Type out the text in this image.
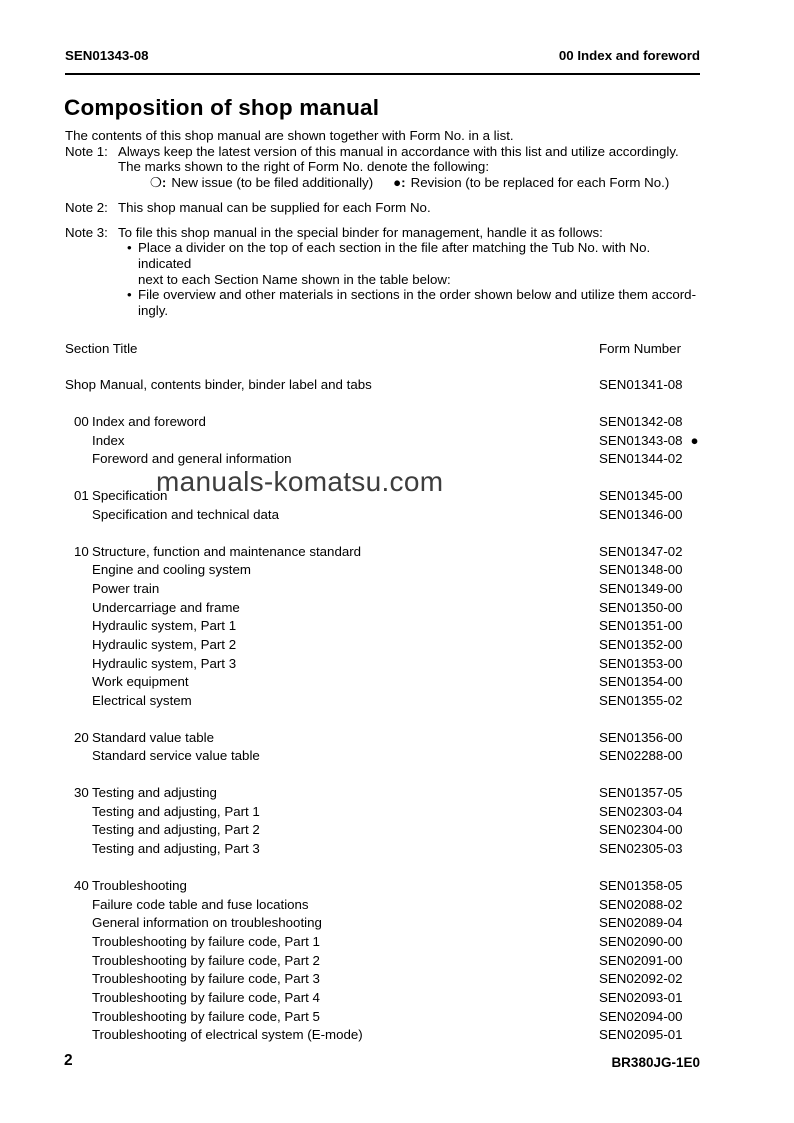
SEN01343-08	00 Index and foreword
Composition of shop manual
The contents of this shop manual are shown together with Form No. in a list.
Note 1: Always keep the latest version of this manual in accordance with this list and utilize accordingly.
The marks shown to the right of Form No. denote the following:
❍: New issue (to be filed additionally) ●: Revision (to be replaced for each Form No.)
Note 2: This shop manual can be supplied for each Form No.
Note 3: To file this shop manual in the special binder for management, handle it as follows:
• Place a divider on the top of each section in the file after matching the Tub No. with No. indicated
next to each Section Name shown in the table below:
• File overview and other materials in sections in the order shown below and utilize them accord-
ingly.
Section Title	Form Number
Shop Manual, contents binder, binder label and tabs	SEN01341-08
00 Index and foreword	SEN01342-08
Index	SEN01343-08 ●
Foreword and general information	SEN01344-02
01 Specification	SEN01345-00
Specification and technical data	SEN01346-00
10 Structure, function and maintenance standard	SEN01347-02
Engine and cooling system	SEN01348-00
Power train	SEN01349-00
Undercarriage and frame	SEN01350-00
Hydraulic system, Part 1	SEN01351-00
Hydraulic system, Part 2	SEN01352-00
Hydraulic system, Part 3	SEN01353-00
Work equipment	SEN01354-00
Electrical system	SEN01355-02
20 Standard value table	SEN01356-00
Standard service value table	SEN02288-00
30 Testing and adjusting	SEN01357-05
Testing and adjusting, Part 1	SEN02303-04
Testing and adjusting, Part 2	SEN02304-00
Testing and adjusting, Part 3	SEN02305-03
40 Troubleshooting	SEN01358-05
Failure code table and fuse locations	SEN02088-02
General information on troubleshooting	SEN02089-04
Troubleshooting by failure code, Part 1	SEN02090-00
Troubleshooting by failure code, Part 2	SEN02091-00
Troubleshooting by failure code, Part 3	SEN02092-02
Troubleshooting by failure code, Part 4	SEN02093-01
Troubleshooting by failure code, Part 5	SEN02094-00
Troubleshooting of electrical system (E-mode)	SEN02095-01
manuals-komatsu.com
2	BR380JG-1E0
